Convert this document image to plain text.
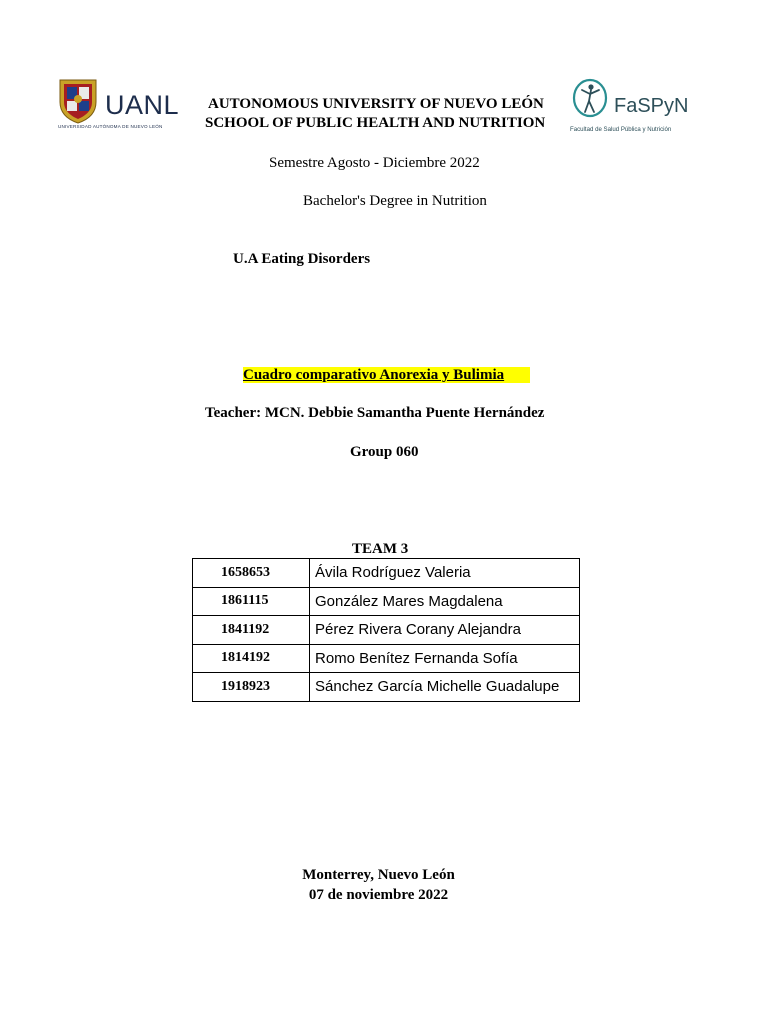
UANL
UNIVERSIDAD AUTÓNOMA DE NUEVO LEÓN
FaSPyN
Facultad de Salud Pública y Nutrición
AUTONOMOUS UNIVERSITY OF NUEVO LEÓN
SCHOOL OF PUBLIC HEALTH AND NUTRITION
Semestre Agosto - Diciembre 2022
Bachelor's Degree in Nutrition
U.A Eating Disorders
Cuadro comparativo Anorexia y Bulimia
Teacher: MCN. Debbie Samantha Puente Hernández
Group 060
TEAM 3
1658653	Ávila Rodríguez Valeria
1861115	González Mares Magdalena
1841192	Pérez Rivera Corany Alejandra
1814192	Romo Benítez Fernanda Sofía
1918923	Sánchez García Michelle Guadalupe
Monterrey, Nuevo León
07 de noviembre 2022
